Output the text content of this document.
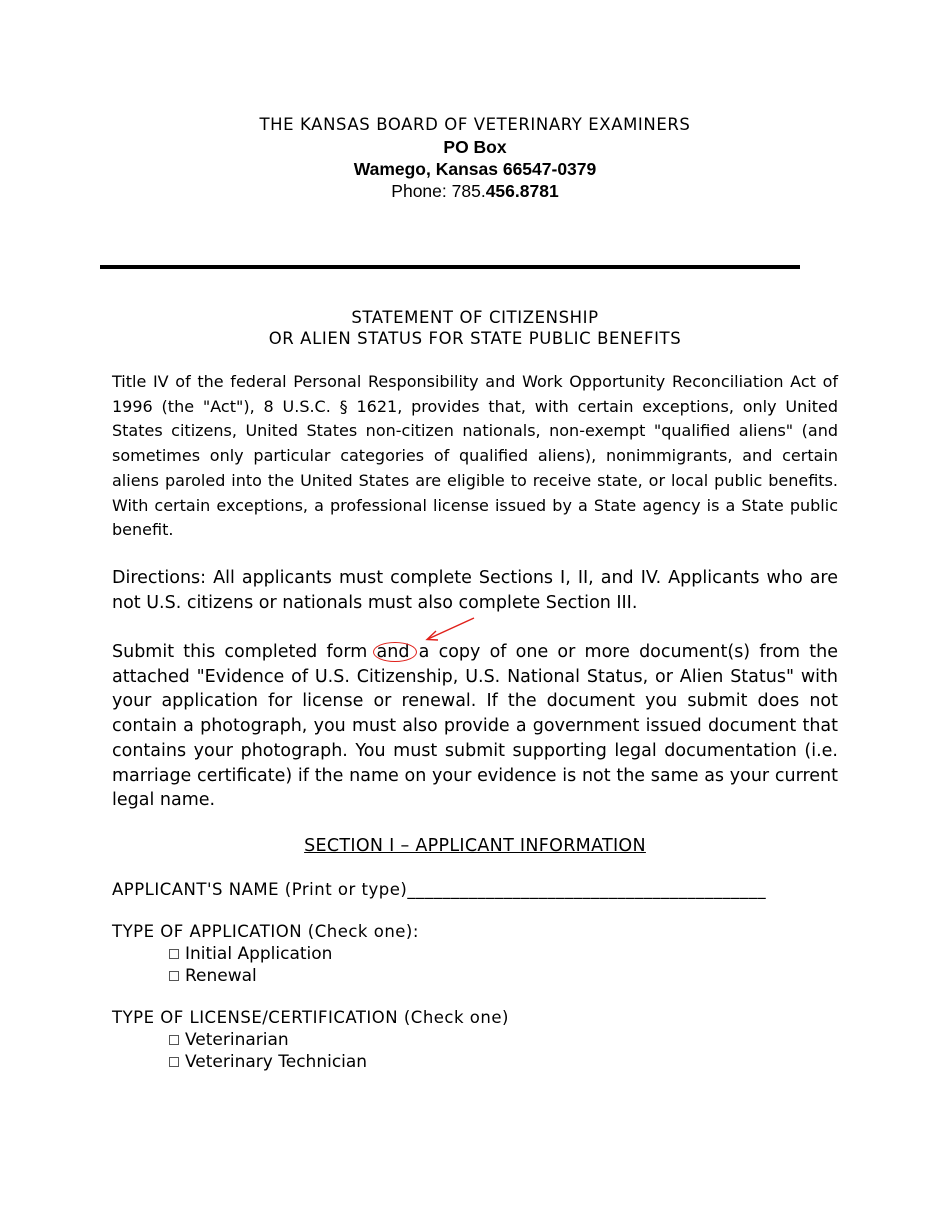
THE KANSAS BOARD OF VETERINARY EXAMINERS
PO Box
Wamego, Kansas 66547-0379
Phone: 785.456.8781
STATEMENT OF CITIZENSHIP
OR ALIEN STATUS FOR STATE PUBLIC BENEFITS
Title IV of the federal Personal Responsibility and Work Opportunity Reconciliation Act of 1996 (the "Act"), 8 U.S.C. § 1621, provides that, with certain exceptions, only United States citizens, United States non-citizen nationals, non-exempt "qualified aliens" (and sometimes only particular categories of qualified aliens), nonimmigrants, and certain aliens paroled into the United States are eligible to receive state, or local public benefits. With certain exceptions, a professional license issued by a State agency is a State public benefit.
Directions: All applicants must complete Sections I, II, and IV. Applicants who are not U.S. citizens or nationals must also complete Section III.
Submit this completed form
and a copy of one or more document(s) from the attached "Evidence of U.S. Citizenship, U.S. National Status, or Alien Status" with your application for license or renewal. If the document you submit does not contain a photograph, you must also provide a government issued document that contains your photograph. You must submit supporting legal documentation (i.e. marriage certificate) if the name on your evidence is not the same as your current legal name.
SECTION I – APPLICANT INFORMATION
APPLICANT'S NAME (Print or type)_________________________________________
TYPE OF APPLICATION (Check one):
Initial Application
Renewal
TYPE OF LICENSE/CERTIFICATION (Check one)
Veterinarian
Veterinary Technician
